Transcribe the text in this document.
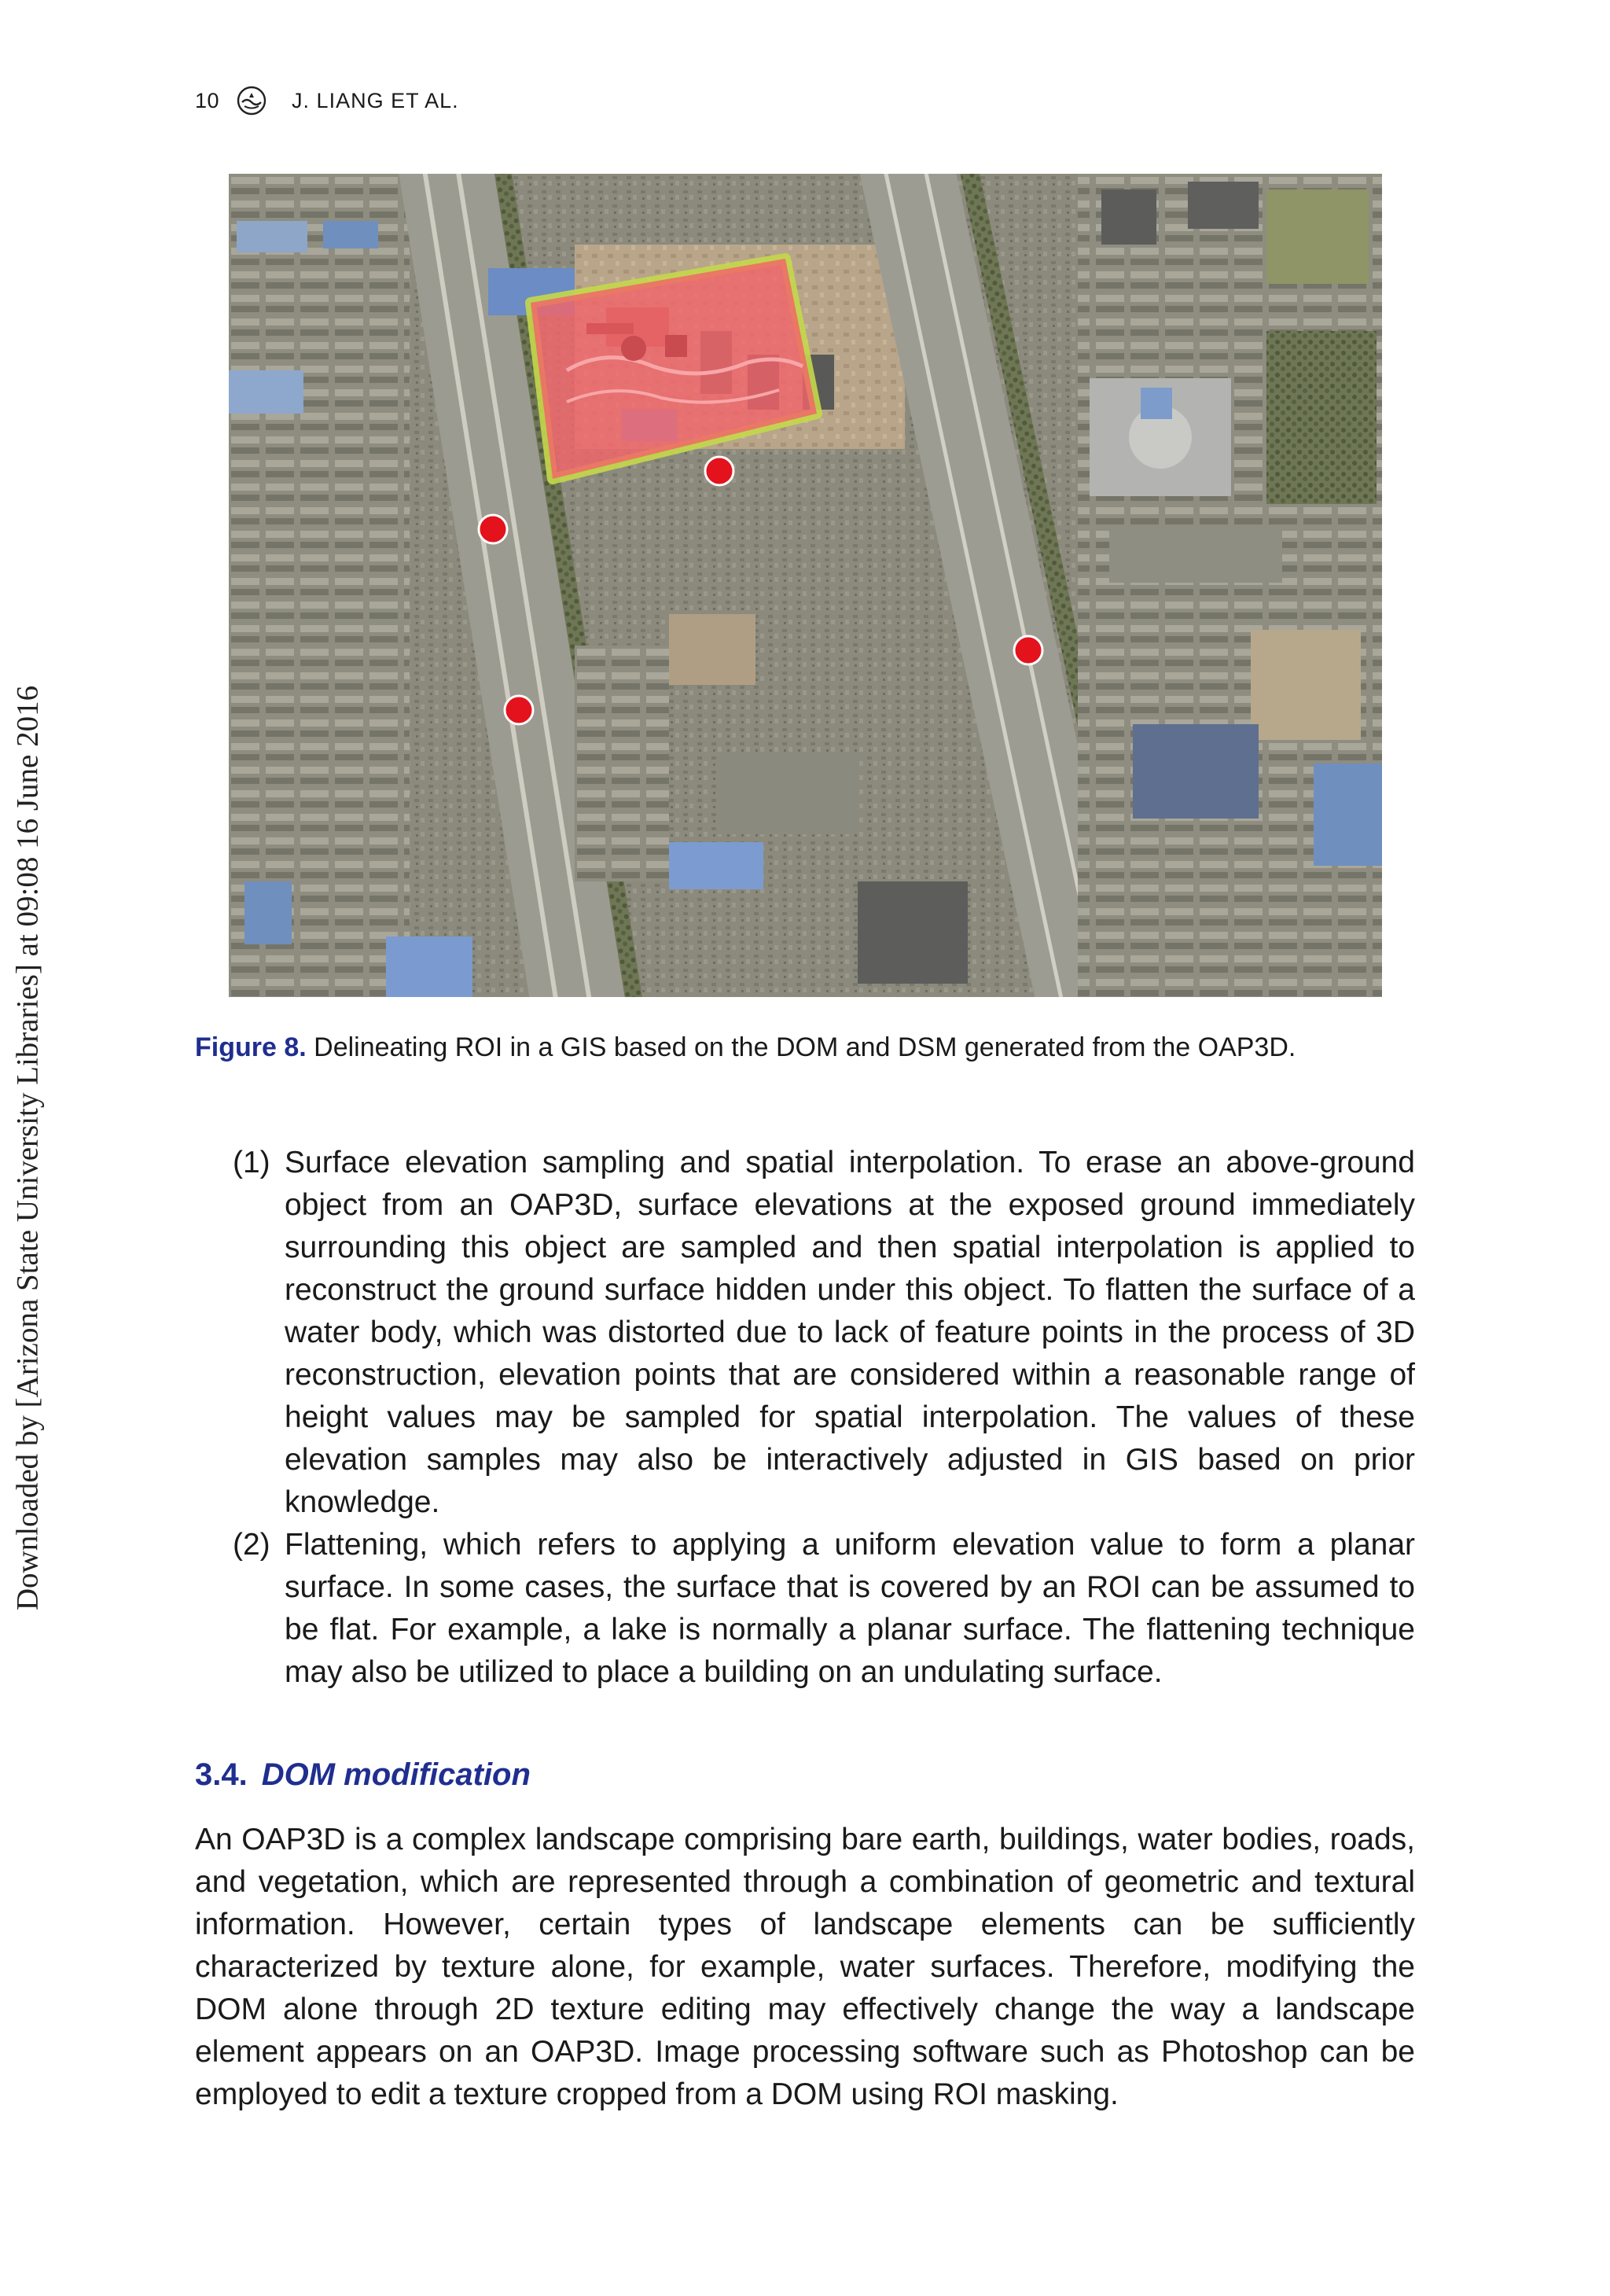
Downloaded by [Arizona State University Libraries] at 09:08 16 June 2016
10	J. LIANG ET AL.
Figure 8. Delineating ROI in a GIS based on the DOM and DSM generated from the OAP3D.
(1) Surface elevation sampling and spatial interpolation. To erase an above-ground object from an OAP3D, surface elevations at the exposed ground immediately surrounding this object are sampled and then spatial interpolation is applied to reconstruct the ground surface hidden under this object. To flatten the surface of a water body, which was distorted due to lack of feature points in the process of 3D reconstruction, elevation points that are considered within a reasonable range of height values may be sampled for spatial interpolation. The values of these elevation samples may also be interactively adjusted in GIS based on prior knowledge.
(2) Flattening, which refers to applying a uniform elevation value to form a planar surface. In some cases, the surface that is covered by an ROI can be assumed to be flat. For example, a lake is normally a planar surface. The flattening technique may also be utilized to place a building on an undulating surface.
3.4. DOM modification

An OAP3D is a complex landscape comprising bare earth, buildings, water bodies, roads, and vegetation, which are represented through a combination of geometric and textural information. However, certain types of landscape elements can be sufficiently characterized by texture alone, for example, water surfaces. Therefore, modifying the DOM alone through 2D texture editing may effectively change the way a landscape element appears on an OAP3D. Image processing software such as Photoshop can be employed to edit a texture cropped from a DOM using ROI masking.
